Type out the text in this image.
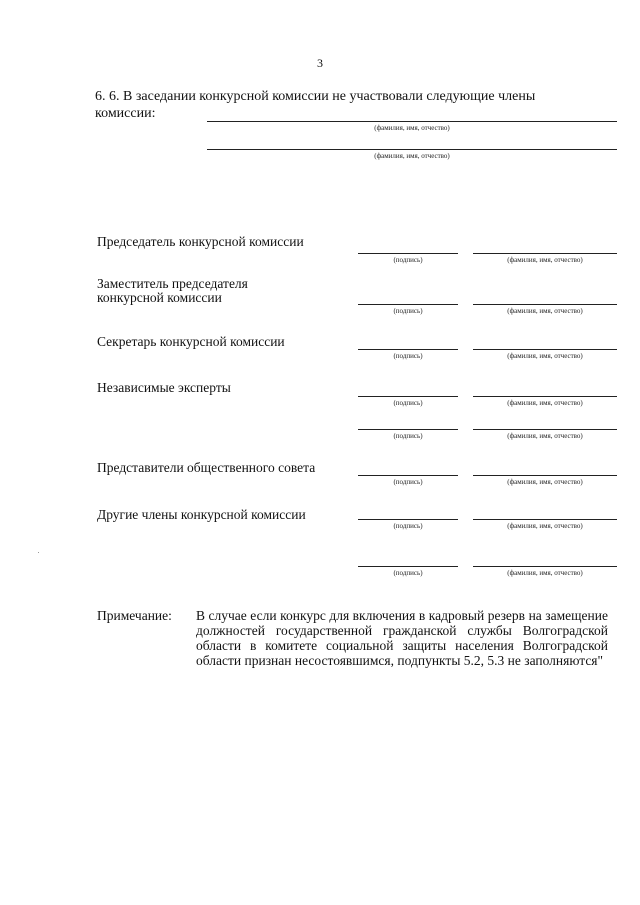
3
6. 6. В заседании конкурсной комиссии не участвовали следующие члены
комиссии:
(фамилия, имя, отчество)
(фамилия, имя, отчество)
Председатель конкурсной комиссии
(подпись)	(фамилия, имя, отчество)
Заместитель председателя
конкурсной комиссии
(подпись)	(фамилия, имя, отчество)
Секретарь конкурсной комиссии
(подпись)	(фамилия, имя, отчество)
Независимые эксперты
(подпись)	(фамилия, имя, отчество)
(подпись)	(фамилия, имя, отчество)
Представители общественного совета
(подпись)	(фамилия, имя, отчество)
Другие члены конкурсной комиссии
(подпись)	(фамилия, имя, отчество)
(подпись)	(фамилия, имя, отчество)
Примечание: В случае если конкурс для включения в кадровый резерв на замещение должностей государственной гражданской службы Волгоградской области в комитете социальной защиты населения Волгоградской области признан несостоявшимся, подпункты 5.2, 5.3 не заполняются"
